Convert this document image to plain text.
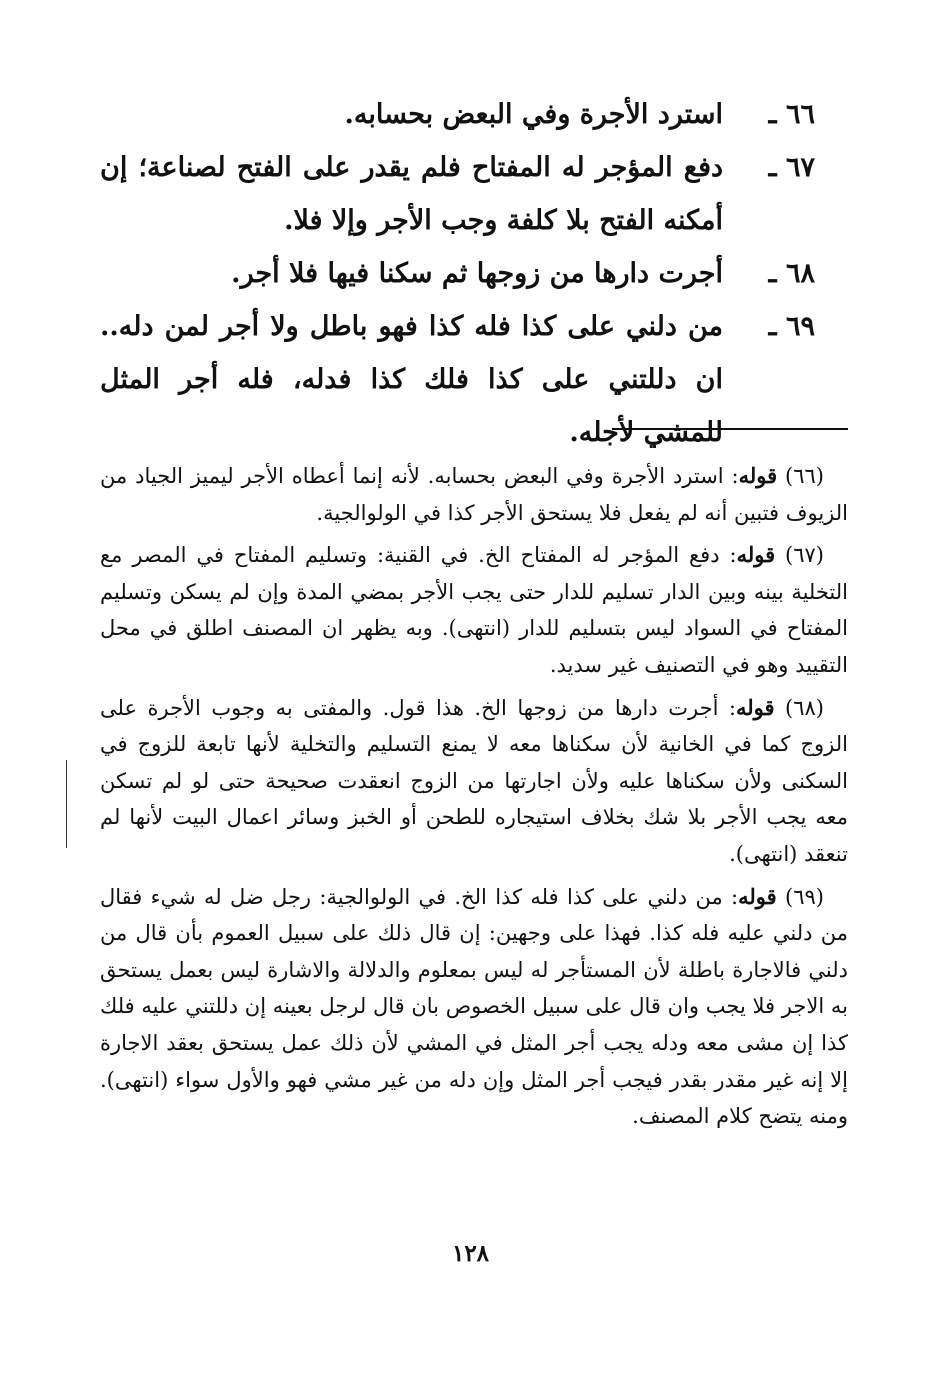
٦٦ ـ
استرد الأجرة وفي البعض بحسابه.
٦٧ ـ
دفع المؤجر له المفتاح فلم يقدر على الفتح لصناعة؛ إن أمكنه الفتح بلا كلفة وجب الأجر وإلا فلا.
٦٨ ـ
أجرت دارها من زوجها ثم سكنا فيها فلا أجر.
٦٩ ـ
من دلني على كذا فله كذا فهو باطل ولا أجر لمن دله.. ان دللتني على كذا فلك كذا فدله، فله أجر المثل للمشي لأجله.

(٦٦) قوله: استرد الأجرة وفي البعض بحسابه. لأنه إنما أعطاه الأجر ليميز الجياد من الزيوف فتبين أنه لم يفعل فلا يستحق الأجر كذا في الولوالجية.

(٦٧) قوله: دفع المؤجر له المفتاح الخ. في القنية: وتسليم المفتاح في المصر مع التخلية بينه وبين الدار تسليم للدار حتى يجب الأجر بمضي المدة وإن لم يسكن وتسليم المفتاح في السواد ليس بتسليم للدار (انتهى). وبه يظهر ان المصنف اطلق في محل التقييد وهو في التصنيف غير سديد.

(٦٨) قوله: أجرت دارها من زوجها الخ. هذا قول. والمفتى به وجوب الأجرة على الزوج كما في الخانية لأن سكناها معه لا يمنع التسليم والتخلية لأنها تابعة للزوج في السكنى ولأن سكناها عليه ولأن اجارتها من الزوج انعقدت صحيحة حتى لو لم تسكن معه يجب الأجر بلا شك بخلاف استيجاره للطحن أو الخبز وسائر اعمال البيت لأنها لم تنعقد (انتهى).

(٦٩) قوله: من دلني على كذا فله كذا الخ. في الولوالجية: رجل ضل له شيء فقال من دلني عليه فله كذا. فهذا على وجهين: إن قال ذلك على سبيل العموم بأن قال من دلني فالاجارة باطلة لأن المستأجر له ليس بمعلوم والدلالة والاشارة ليس بعمل يستحق به الاجر فلا يجب وان قال على سبيل الخصوص بان قال لرجل بعينه إن دللتني عليه فلك كذا إن مشى معه ودله يجب أجر المثل في المشي لأن ذلك عمل يستحق بعقد الاجارة إلا إنه غير مقدر بقدر فيجب أجر المثل وإن دله من غير مشي فهو والأول سواء (انتهى). ومنه يتضح كلام المصنف.

١٢٨
